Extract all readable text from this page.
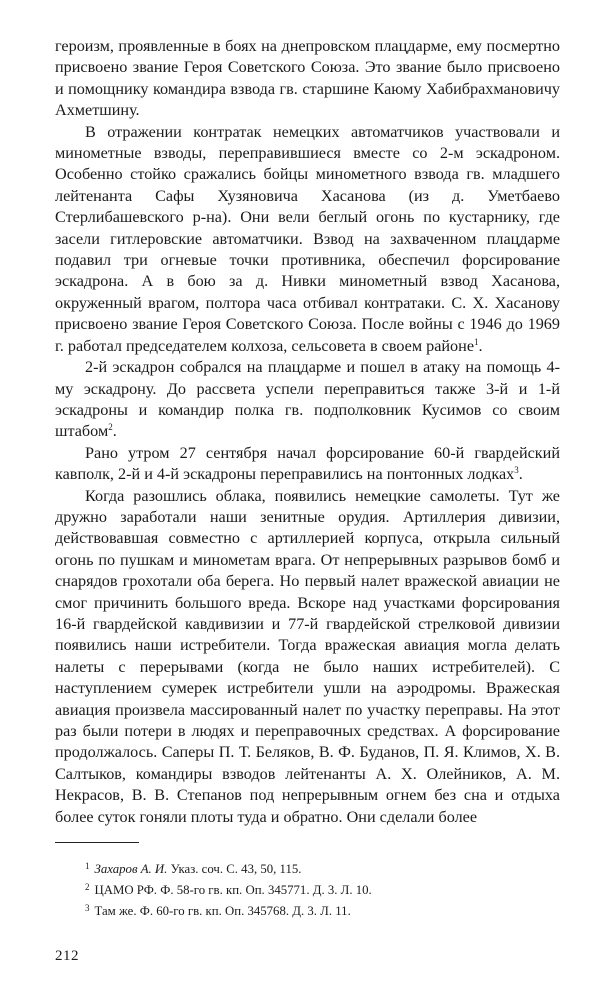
героизм, проявленные в боях на днепровском плацдарме, ему посмертно присвоено звание Героя Советского Союза. Это звание было присвоено и помощнику командира взвода гв. старшине Каюму Хабибрахмановичу Ахметшину.

В отражении контратак немецких автоматчиков участвовали и минометные взводы, переправившиеся вместе со 2-м эскадроном. Особенно стойко сражались бойцы минометного взвода гв. младшего лейтенанта Сафы Хузяновича Хасанова (из д. Уметбаево Стерлибашевского р-на). Они вели беглый огонь по кустарнику, где засели гитлеровские автоматчики. Взвод на захваченном плацдарме подавил три огневые точки противника, обеспечил форсирование эскадрона. А в бою за д. Нивки минометный взвод Хасанова, окруженный врагом, полтора часа отбивал контратаки. С. Х. Хасанову присвоено звание Героя Советского Союза. После войны с 1946 до 1969 г. работал председателем колхоза, сельсовета в своем районе$^1$.

2-й эскадрон собрался на плацдарме и пошел в атаку на помощь 4-му эскадрону. До рассвета успели переправиться также 3-й и 1-й эскадроны и командир полка гв. подполковник Кусимов со своим штабом$^2$.

Рано утром 27 сентября начал форсирование 60-й гвардейский кавполк, 2-й и 4-й эскадроны переправились на понтонных лодках$^3$.

Когда разошлись облака, появились немецкие самолеты. Тут же дружно заработали наши зенитные орудия. Артиллерия дивизии, действовавшая совместно с артиллерией корпуса, открыла сильный огонь по пушкам и минометам врага. От непрерывных разрывов бомб и снарядов грохотали оба берега. Но первый налет вражеской авиации не смог причинить большого вреда. Вскоре над участками форсирования 16-й гвардейской кавдивизии и 77-й гвардейской стрелковой дивизии появились наши истребители. Тогда вражеская авиация могла делать налеты с перерывами (когда не было наших истребителей). С наступлением сумерек истребители ушли на аэродромы. Вражеская авиация произвела массированный налет по участку переправы. На этот раз были потери в людях и переправочных средствах. А форсирование продолжалось. Саперы П. Т. Беляков, В. Ф. Буданов, П. Я. Климов, Х. В. Салтыков, командиры взводов лейтенанты А. Х. Олейников, А. М. Некрасов, В. В. Степанов под непрерывным огнем без сна и отдыха более суток гоняли плоты туда и обратно. Они сделали более

$^1$ Захаров А. И. Указ. соч. С. 43, 50, 115.
$^2$ ЦАМО РФ. Ф. 58-го гв. кп. Оп. 345771. Д. 3. Л. 10.
$^3$ Там же. Ф. 60-го гв. кп. Оп. 345768. Д. 3. Л. 11.
212
